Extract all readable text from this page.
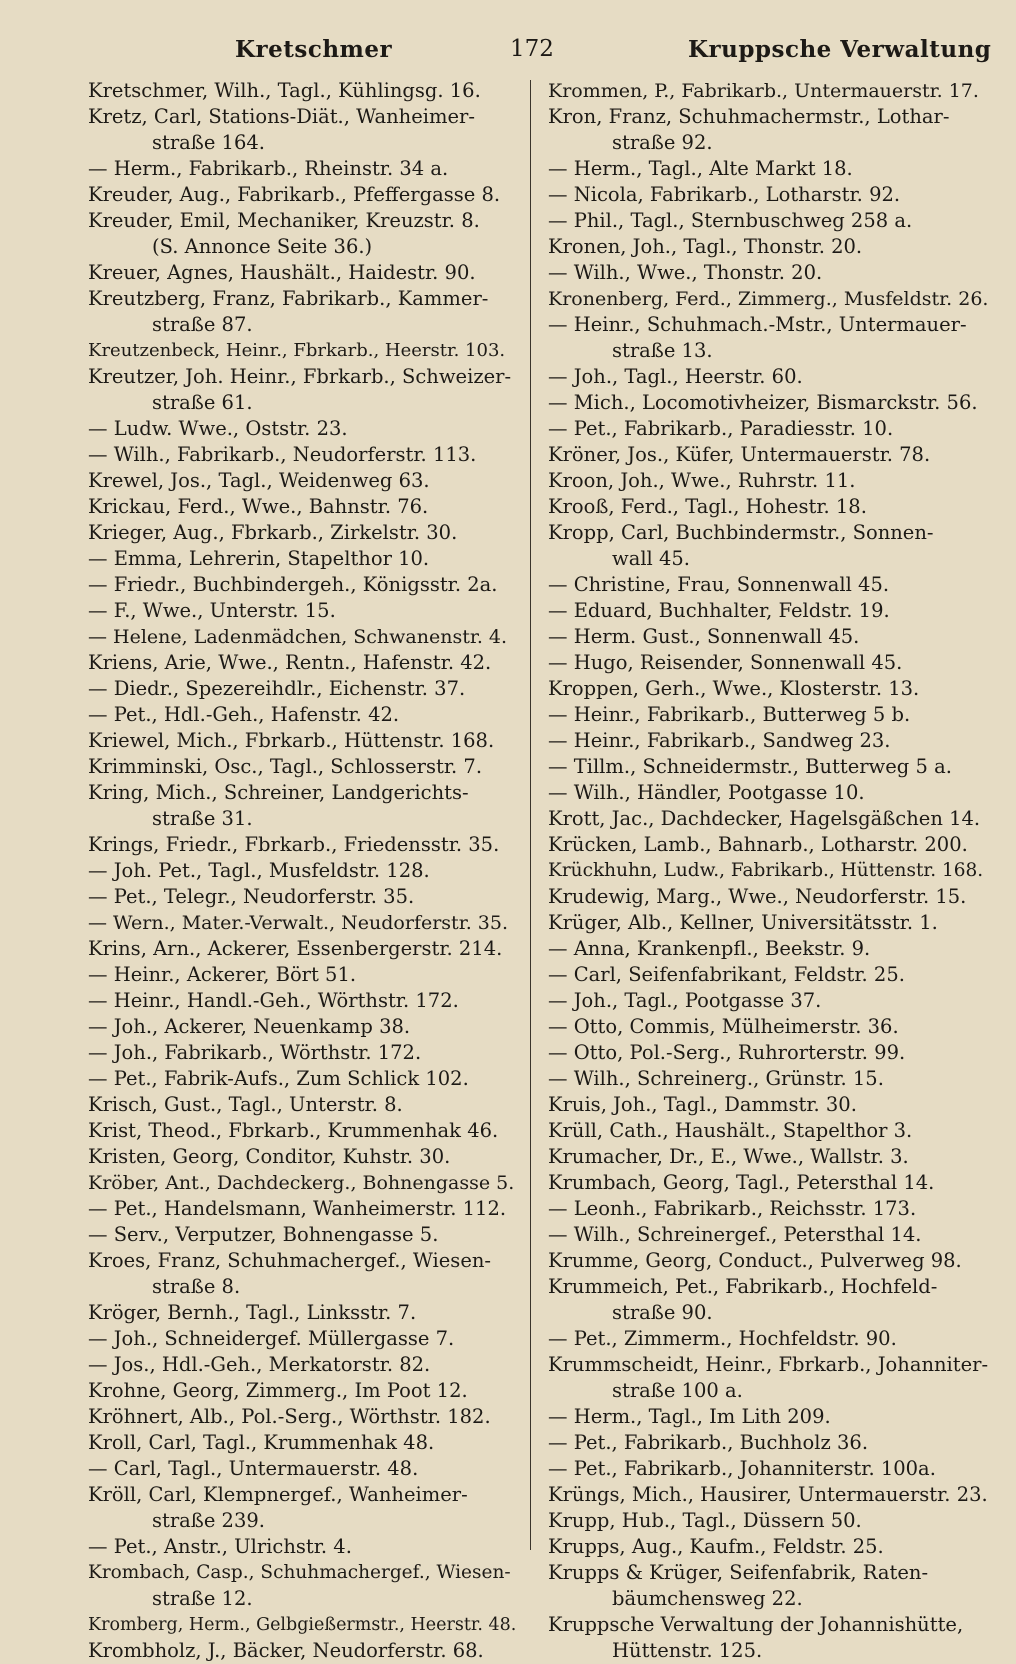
Kretschmer	172	Kruppsche Verwaltung
Kretschmer, Wilh., Tagl., Kühlingsg. 16.
Kretz, Carl, Stations-Diät., Wanheimer-
straße 164.
— Herm., Fabrikarb., Rheinstr. 34 a.
Kreuder, Aug., Fabrikarb., Pfeffergasse 8.
Kreuder, Emil, Mechaniker, Kreuzstr. 8.
(S. Annonce Seite 36.)
Kreuer, Agnes, Haushält., Haidestr. 90.
Kreutzberg, Franz, Fabrikarb., Kammer-
straße 87.
Kreutzenbeck, Heinr., Fbrkarb., Heerstr. 103.
Kreutzer, Joh. Heinr., Fbrkarb., Schweizer-
straße 61.
— Ludw. Wwe., Oststr. 23.
— Wilh., Fabrikarb., Neudorferstr. 113.
Krewel, Jos., Tagl., Weidenweg 63.
Krickau, Ferd., Wwe., Bahnstr. 76.
Krieger, Aug., Fbrkarb., Zirkelstr. 30.
— Emma, Lehrerin, Stapelthor 10.
— Friedr., Buchbindergeh., Königsstr. 2a.
— F., Wwe., Unterstr. 15.
— Helene, Ladenmädchen, Schwanenstr. 4.
Kriens, Arie, Wwe., Rentn., Hafenstr. 42.
— Diedr., Spezereihdlr., Eichenstr. 37.
— Pet., Hdl.-Geh., Hafenstr. 42.
Kriewel, Mich., Fbrkarb., Hüttenstr. 168.
Krimminski, Osc., Tagl., Schlosserstr. 7.
Kring, Mich., Schreiner, Landgerichts-
straße 31.
Krings, Friedr., Fbrkarb., Friedensstr. 35.
— Joh. Pet., Tagl., Musfeldstr. 128.
— Pet., Telegr., Neudorferstr. 35.
— Wern., Mater.-Verwalt., Neudorferstr. 35.
Krins, Arn., Ackerer, Essenbergerstr. 214.
— Heinr., Ackerer, Bört 51.
— Heinr., Handl.-Geh., Wörthstr. 172.
— Joh., Ackerer, Neuenkamp 38.
— Joh., Fabrikarb., Wörthstr. 172.
— Pet., Fabrik-Aufs., Zum Schlick 102.
Krisch, Gust., Tagl., Unterstr. 8.
Krist, Theod., Fbrkarb., Krummenhak 46.
Kristen, Georg, Conditor, Kuhstr. 30.
Kröber, Ant., Dachdeckerg., Bohnengasse 5.
— Pet., Handelsmann, Wanheimerstr. 112.
— Serv., Verputzer, Bohnengasse 5.
Kroes, Franz, Schuhmachergef., Wiesen-
straße 8.
Kröger, Bernh., Tagl., Linksstr. 7.
— Joh., Schneidergef. Müllergasse 7.
— Jos., Hdl.-Geh., Merkatorstr. 82.
Krohne, Georg, Zimmerg., Im Poot 12.
Kröhnert, Alb., Pol.-Serg., Wörthstr. 182.
Kroll, Carl, Tagl., Krummenhak 48.
— Carl, Tagl., Untermauerstr. 48.
Kröll, Carl, Klempnergef., Wanheimer-
straße 239.
— Pet., Anstr., Ulrichstr. 4.
Krombach, Casp., Schuhmachergef., Wiesen-
straße 12.
Kromberg, Herm., Gelbgießermstr., Heerstr. 48.
Krombholz, J., Bäcker, Neudorferstr. 68.
Krommen, P., Fabrikarb., Untermauerstr. 17.
Kron, Franz, Schuhmachermstr., Lothar-
straße 92.
— Herm., Tagl., Alte Markt 18.
— Nicola, Fabrikarb., Lotharstr. 92.
— Phil., Tagl., Sternbuschweg 258 a.
Kronen, Joh., Tagl., Thonstr. 20.
— Wilh., Wwe., Thonstr. 20.
Kronenberg, Ferd., Zimmerg., Musfeldstr. 26.
— Heinr., Schuhmach.-Mstr., Untermauer-
straße 13.
— Joh., Tagl., Heerstr. 60.
— Mich., Locomotivheizer, Bismarckstr. 56.
— Pet., Fabrikarb., Paradiesstr. 10.
Kröner, Jos., Küfer, Untermauerstr. 78.
Kroon, Joh., Wwe., Ruhrstr. 11.
Krooß, Ferd., Tagl., Hohestr. 18.
Kropp, Carl, Buchbindermstr., Sonnen-
wall 45.
— Christine, Frau, Sonnenwall 45.
— Eduard, Buchhalter, Feldstr. 19.
— Herm. Gust., Sonnenwall 45.
— Hugo, Reisender, Sonnenwall 45.
Kroppen, Gerh., Wwe., Klosterstr. 13.
— Heinr., Fabrikarb., Butterweg 5 b.
— Heinr., Fabrikarb., Sandweg 23.
— Tillm., Schneidermstr., Butterweg 5 a.
— Wilh., Händler, Pootgasse 10.
Krott, Jac., Dachdecker, Hagelsgäßchen 14.
Krücken, Lamb., Bahnarb., Lotharstr. 200.
Krückhuhn, Ludw., Fabrikarb., Hüttenstr. 168.
Krudewig, Marg., Wwe., Neudorferstr. 15.
Krüger, Alb., Kellner, Universitätsstr. 1.
— Anna, Krankenpfl., Beekstr. 9.
— Carl, Seifenfabrikant, Feldstr. 25.
— Joh., Tagl., Pootgasse 37.
— Otto, Commis, Mülheimerstr. 36.
— Otto, Pol.-Serg., Ruhrorterstr. 99.
— Wilh., Schreinerg., Grünstr. 15.
Kruis, Joh., Tagl., Dammstr. 30.
Krüll, Cath., Haushält., Stapelthor 3.
Krumacher, Dr., E., Wwe., Wallstr. 3.
Krumbach, Georg, Tagl., Petersthal 14.
— Leonh., Fabrikarb., Reichsstr. 173.
— Wilh., Schreinergef., Petersthal 14.
Krumme, Georg, Conduct., Pulverweg 98.
Krummeich, Pet., Fabrikarb., Hochfeld-
straße 90.
— Pet., Zimmerm., Hochfeldstr. 90.
Krummscheidt, Heinr., Fbrkarb., Johanniter-
straße 100 a.
— Herm., Tagl., Im Lith 209.
— Pet., Fabrikarb., Buchholz 36.
— Pet., Fabrikarb., Johanniterstr. 100a.
Krüngs, Mich., Hausirer, Untermauerstr. 23.
Krupp, Hub., Tagl., Düssern 50.
Krupps, Aug., Kaufm., Feldstr. 25.
Krupps & Krüger, Seifenfabrik, Raten-
bäumchensweg 22.
Kruppsche Verwaltung der Johannishütte,
Hüttenstr. 125.
